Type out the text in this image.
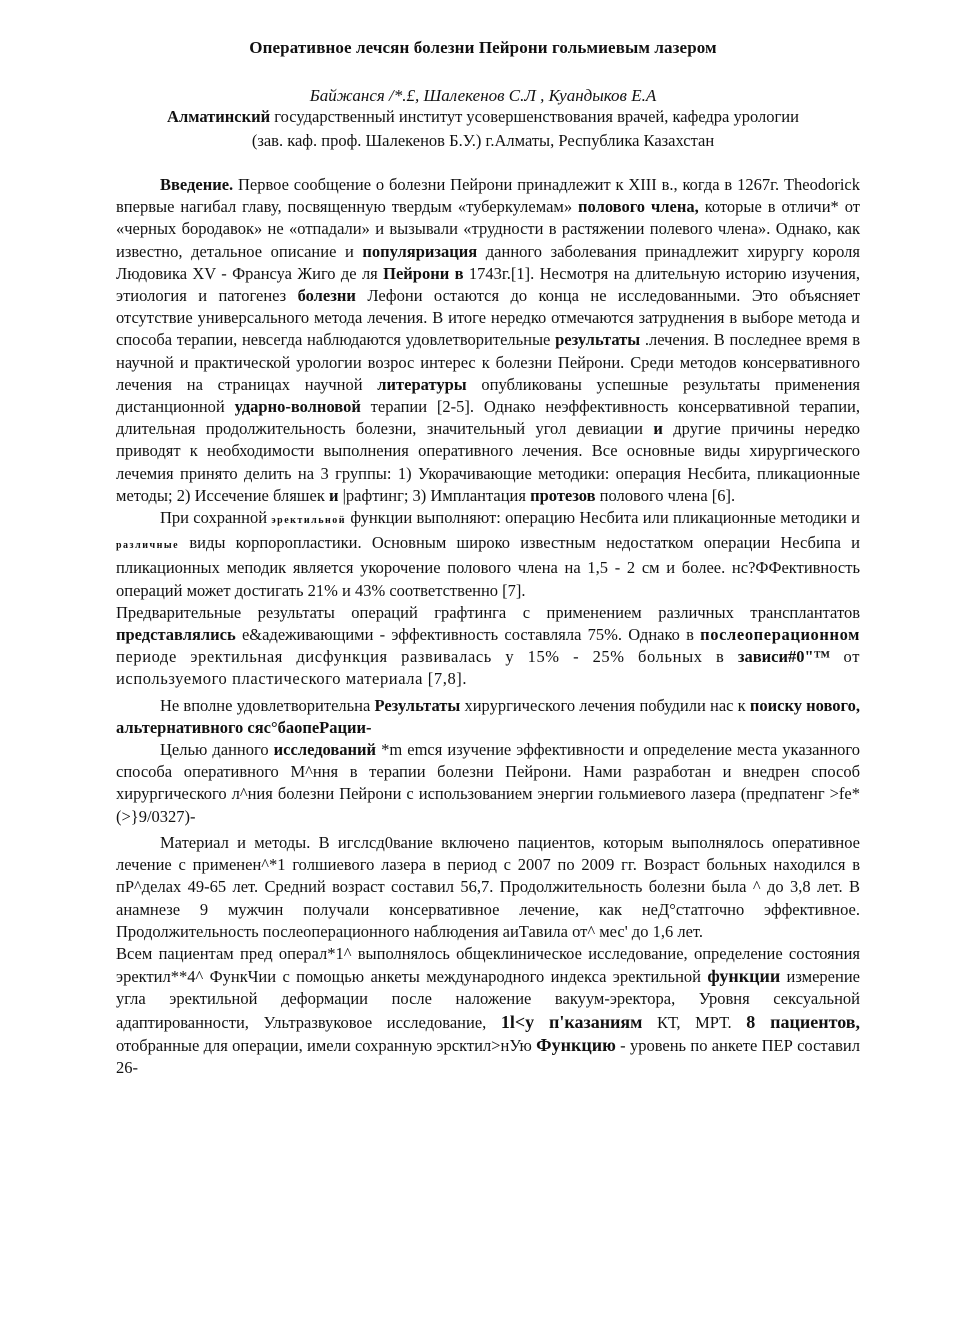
Оперативное лечсян болезни Пейрони гольмиевым лазером
Байжанся /*.£, Шалекенов С.Л , Куандыков Е.А
Алматинский государственный институт усовершенствования врачей, кафедра урологии
(зав. каф. проф. Шалекенов Б.У.) г.Алматы, Республика Казахстан

Введение. Первое сообщение о болезни Пейрони принадлежит к XIII в., когда в 1267г. Theodorick впервые нагибал главу, посвященную твердым «туберкулемам» полового члена, которые в отличи* от «черных бородавок» не «отпадали» и вызывали «трудности в растяжении полевого члена». Однако, как известно, детальное описание и популяризация данного заболевания принадлежит хирургу короля Людовика XV - Франсуа Жиго де ля Пейрони в 1743г.[1]. Несмотря на длительную историю изучения, этиология и патогенез болезни Лефони остаются до конца не исследованными. Это объясняет отсутствие универсального метода лечения. В итоге нередко отмечаются затруднения в выборе метода и способа терапии, невсегда наблюдаются удовлетворительные результаты .лечения. В последнее время в научной и практической урологии возрос интерес к болезни Пейрони. Среди методов консервативного лечения на страницах научной литературы опубликованы успешные результаты применения дистанционной ударно-волновой терапии [2-5]. Однако неэффективность консервативной терапии, длительная продолжительность болезни, значительный угол девиации и другие причины нередко приводят к необходимости выполнения оперативного лечения. Все основные виды хирургического лечемия принято делить на 3 группы: 1) Укорачивающие методики: операция Несбита, пликационные методы; 2) Иссечение бляшек и |рафтинг; 3) Имплантация протезов полового члена [6].

При сохранной эректильной функции выполняют: операцию Несбита или пликационные методики и различные виды корпоропластики. Основным широко известным недостатком операции Несбипа и пликационных меподик является укорочение полового члена на 1,5 - 2 см и более. нс?ФФективность операций может достигать 21% и 43% соответственно [7].

Предварительные результаты операций графтинга с применением различных трансплантатов представлялись е&адеживающими - эффективность составляла 75%. Однако в послеоперационном периоде эректильная дисфункция развивалась у 15% - 25% больных в зависи#0"™ от используемого пластического материала [7,8].

Не вполне удовлетворительна Результаты хирургического лечения побудили нас к поиску нового, альтернативного сяс°бaoпeРации-

Целью данного исследований *m emcя изучение эффективности и определение места указанного способа оперативного М^ння в терапии болезни Пейрони. Нами разработан и внедрен способ хирургического л^ния болезни Пейрони с использованием энергии гольмиевого лазера (предпатенг >fe*(>}9/0327)-

Материал и методы. В игслсд0вание включено пациентов, которым выполнялось оперативное лечение с применен^*1 голшиевого лазера в период с 2007 по 2009 гг. Возраст больных находился в пР^делах 49-65 лет. Средний возраст составил 56,7. Продолжительность болезни была ^ до 3,8 лет. В анамнезе 9 мужчин получали консервативное лечение, как неД°статгочно эффективное. Продолжительность послеоперационного наблюдения аиТавила от^ мес' до 1,6 лет.

Всем пациентам пред операл*1^ выполнялось общеклиническое исследование, определение состояния эректил**4^ ФункЧии с помощью анкеты международного индекса эректильной функции измерение угла эректильной деформации после наложение вакуум-эректора, Уровня сексуальной адаптированности, Ультразвуковое исследование, 1l<y п'казаниям КТ, МРТ. 8 пациентов, отобранные для операции, имели сохранную эрсктил>нУю Функцию - уровень по анкете ПЕР составил 26-
